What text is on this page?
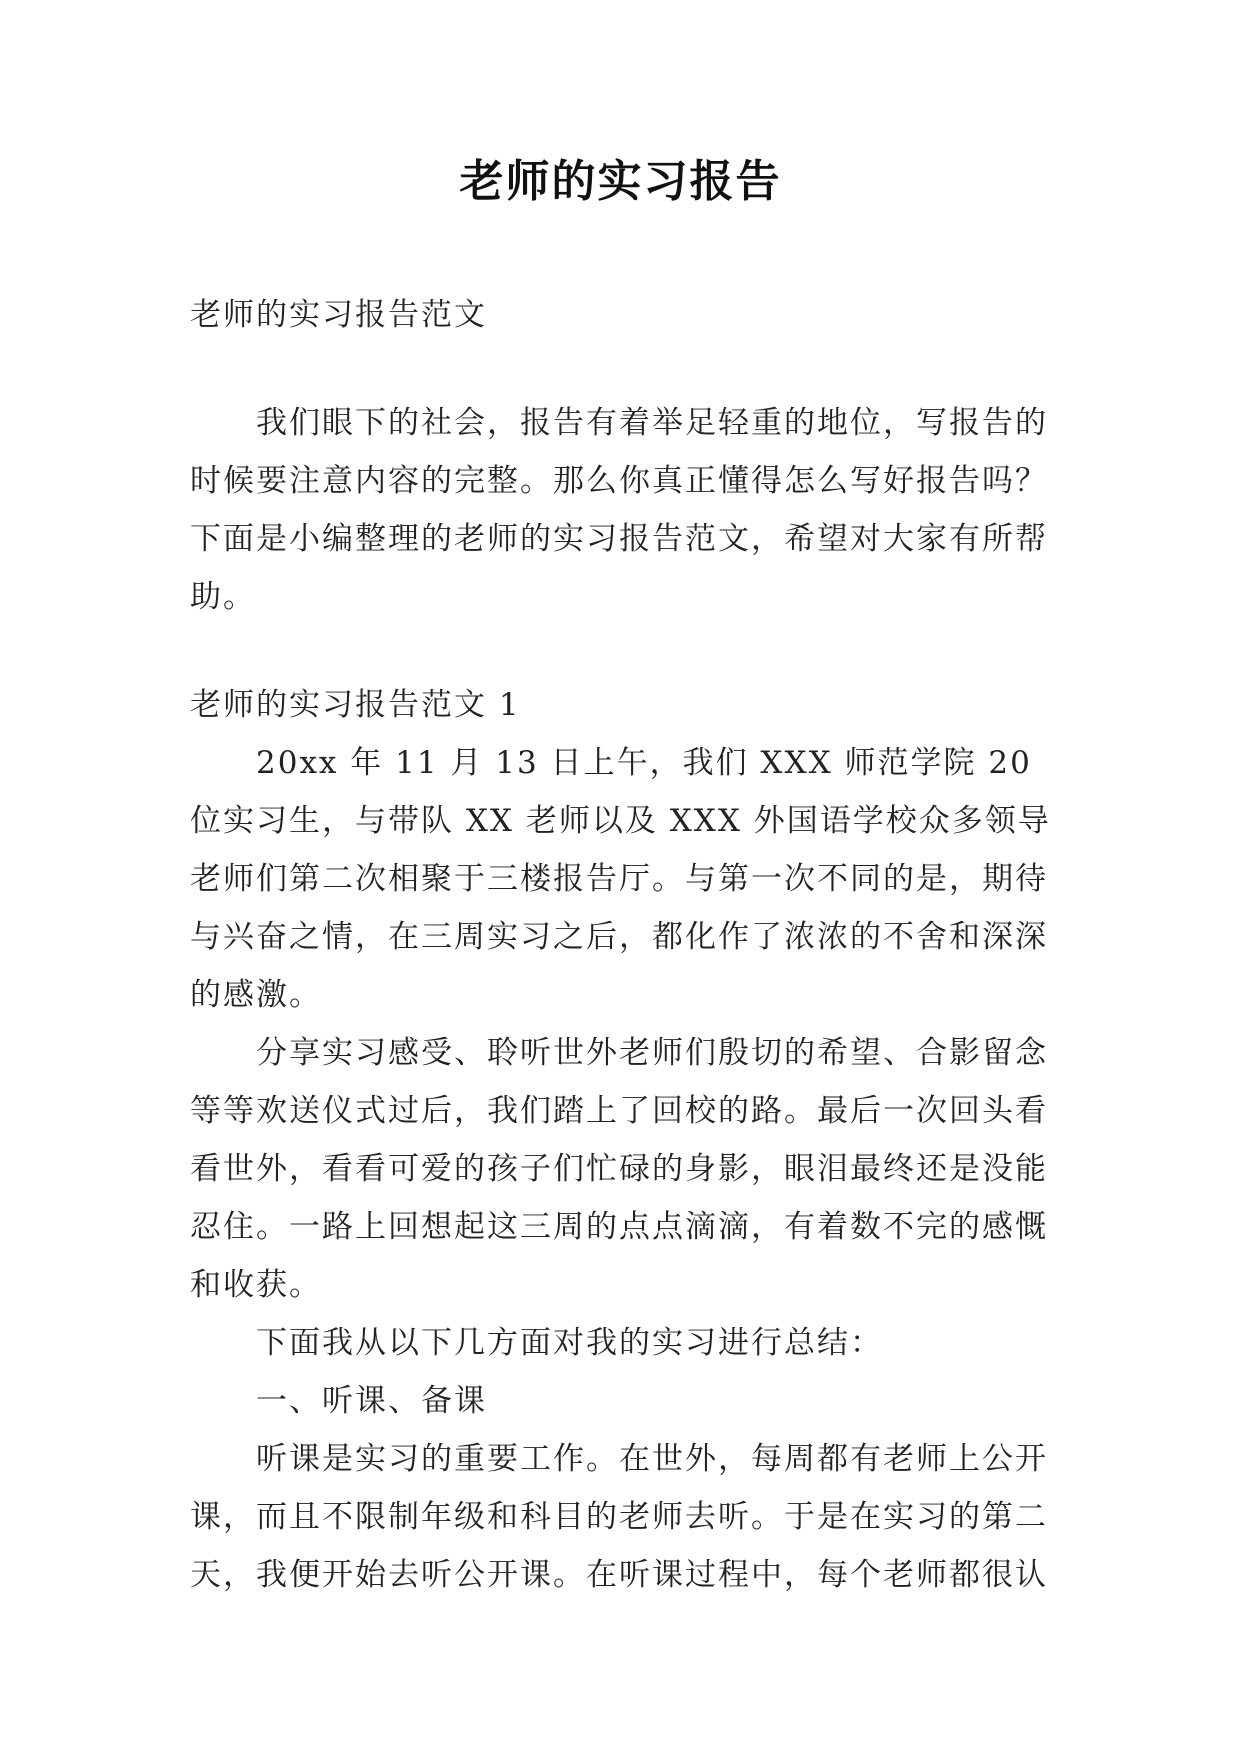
老师的实习报告

老师的实习报告范文

我们眼下的社会，报告有着举足轻重的地位，写报告的时候要注意内容的完整。那么你真正懂得怎么写好报告吗？下面是小编整理的老师的实习报告范文，希望对大家有所帮助。

老师的实习报告范文 1

20xx 年 11 月 13 日上午，我们 XXX 师范学院 20 位实习生，与带队 XX 老师以及 XXX 外国语学校众多领导老师们第二次相聚于三楼报告厅。与第一次不同的是，期待与兴奋之情，在三周实习之后，都化作了浓浓的不舍和深深的感激。

分享实习感受、聆听世外老师们殷切的希望、合影留念等等欢送仪式过后，我们踏上了回校的路。最后一次回头看看世外，看看可爱的孩子们忙碌的身影，眼泪最终还是没能忍住。一路上回想起这三周的点点滴滴，有着数不完的感慨和收获。

下面我从以下几方面对我的实习进行总结：

一、听课、备课

听课是实习的重要工作。在世外，每周都有老师上公开课，而且不限制年级和科目的老师去听。于是在实习的第二天，我便开始去听公开课。在听课过程中，每个老师都很认
